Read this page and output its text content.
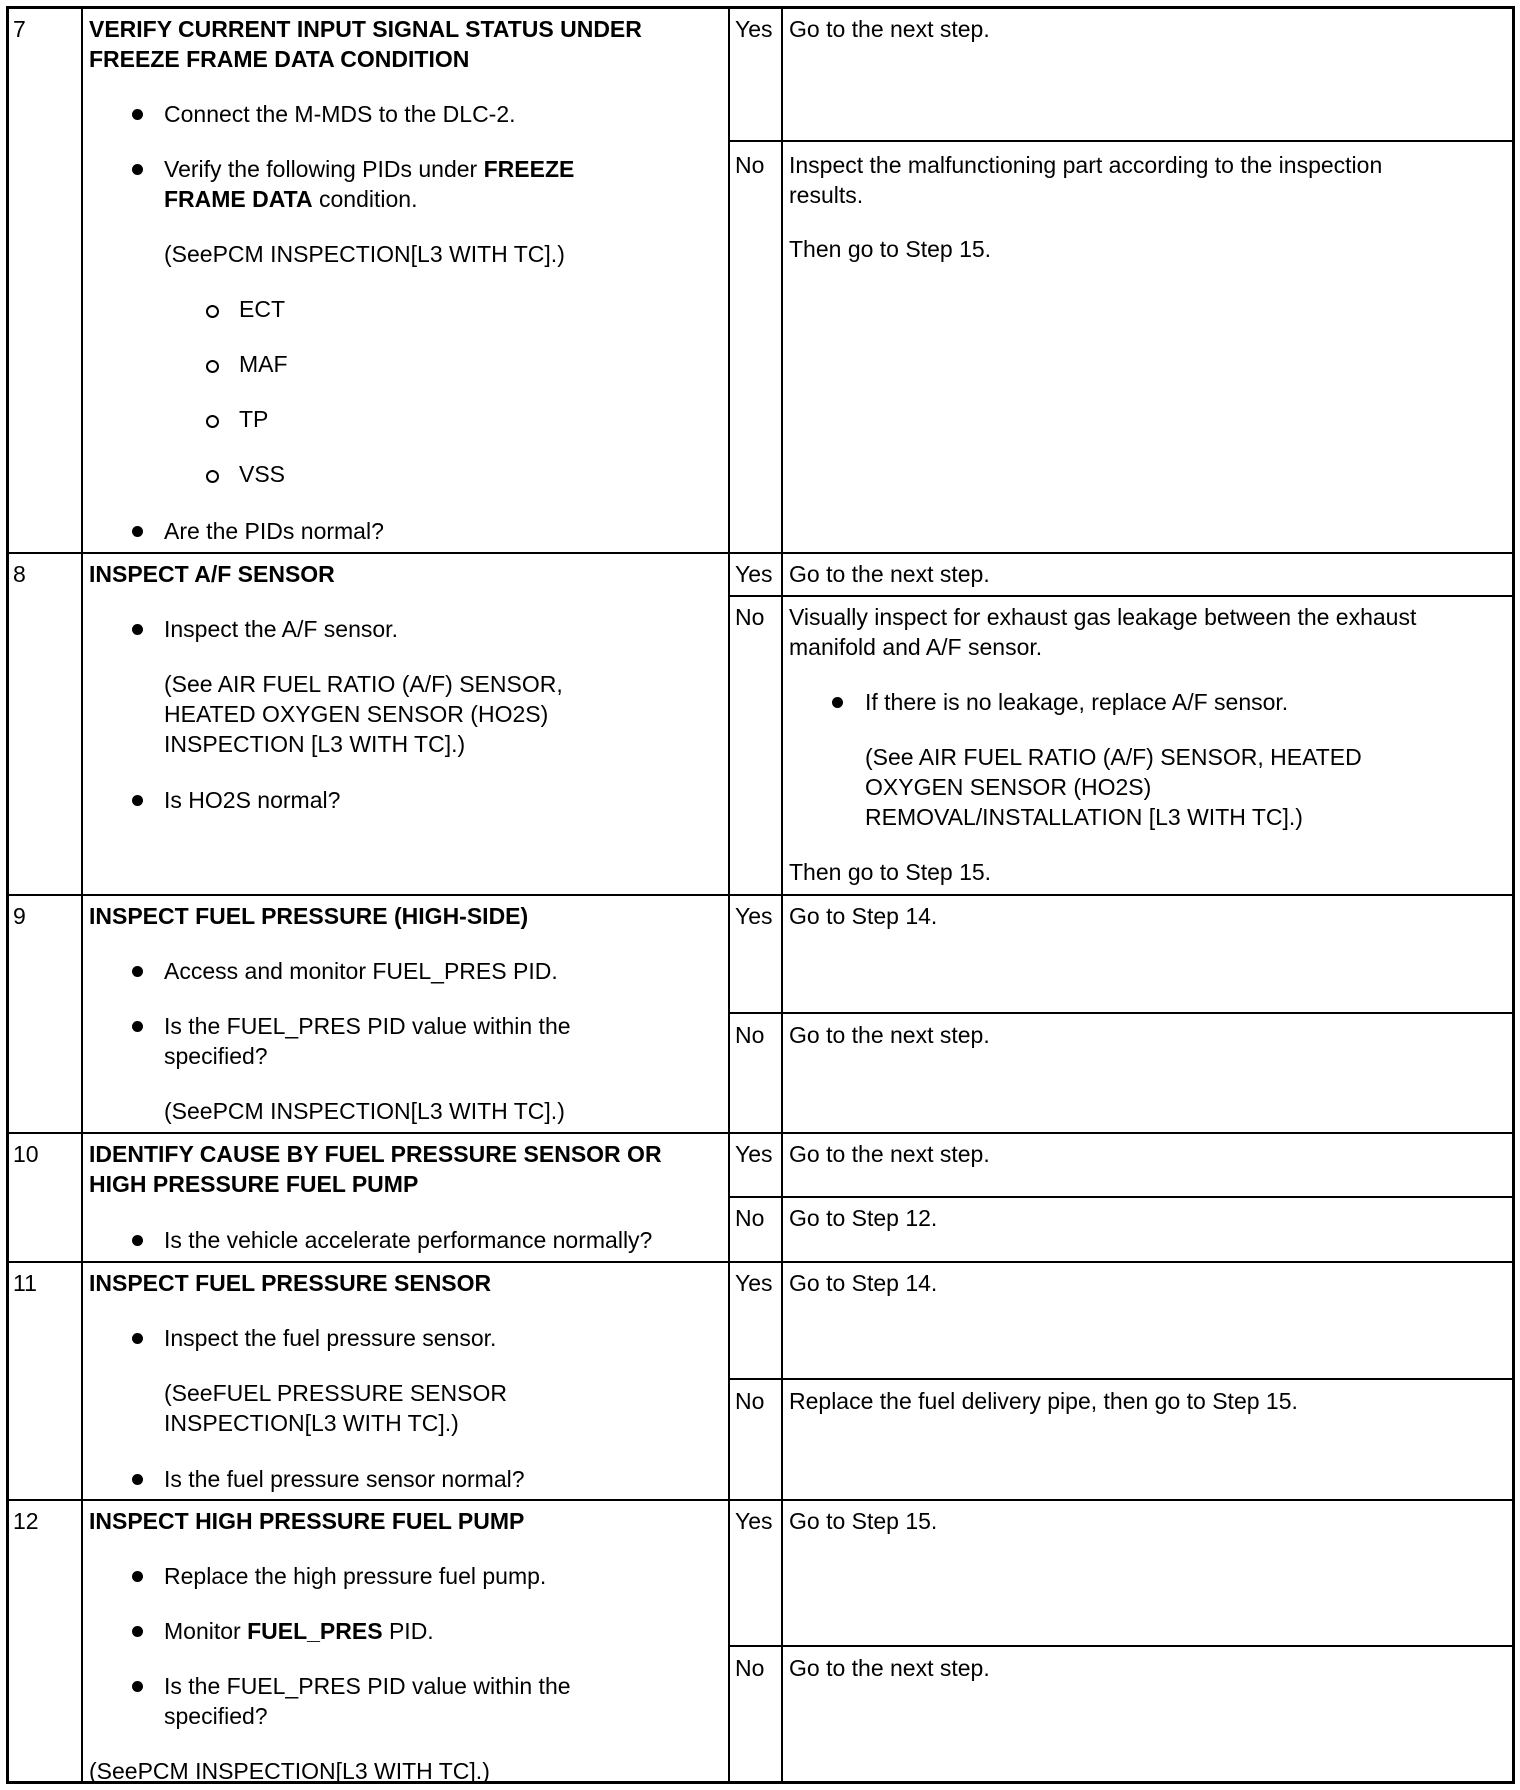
7	VERIFY CURRENT INPUT SIGNAL STATUS UNDER
FREEZE FRAME DATA CONDITION
Connect the M-MDS to the DLC-2.
Verify the following PIDs under FREEZE
FRAME DATA condition.
(SeePCM INSPECTION[L3 WITH TC].)
ECT
MAF
TP
VSS
Are the PIDs normal?
Yes Go to the next step.
No Inspect the malfunctioning part according to the inspection
results.
Then go to Step 15.
8	INSPECT A/F SENSOR
Inspect the A/F sensor.
(See AIR FUEL RATIO (A/F) SENSOR,
HEATED OXYGEN SENSOR (HO2S)
INSPECTION [L3 WITH TC].)
Is HO2S normal?
Yes Go to the next step.
No Visually inspect for exhaust gas leakage between the exhaust
manifold and A/F sensor.
If there is no leakage, replace A/F sensor.
(See AIR FUEL RATIO (A/F) SENSOR, HEATED
OXYGEN SENSOR (HO2S)
REMOVAL/INSTALLATION [L3 WITH TC].)
Then go to Step 15.
9	INSPECT FUEL PRESSURE (HIGH-SIDE)
Access and monitor FUEL_PRES PID.
Is the FUEL_PRES PID value within the
specified?
(SeePCM INSPECTION[L3 WITH TC].)
Yes Go to Step 14.
No Go to the next step.
10 IDENTIFY CAUSE BY FUEL PRESSURE SENSOR OR
HIGH PRESSURE FUEL PUMP
Is the vehicle accelerate performance normally?
Yes Go to the next step.
No Go to Step 12.
11 INSPECT FUEL PRESSURE SENSOR
Inspect the fuel pressure sensor.
(SeeFUEL PRESSURE SENSOR
INSPECTION[L3 WITH TC].)
Is the fuel pressure sensor normal?
Yes Go to Step 14.
No Replace the fuel delivery pipe, then go to Step 15.
12 INSPECT HIGH PRESSURE FUEL PUMP
Replace the high pressure fuel pump.
Monitor FUEL_PRES PID.
Is the FUEL_PRES PID value within the
specified?
(SeePCM INSPECTION[L3 WITH TC].)
Yes Go to Step 15.
No Go to the next step.
